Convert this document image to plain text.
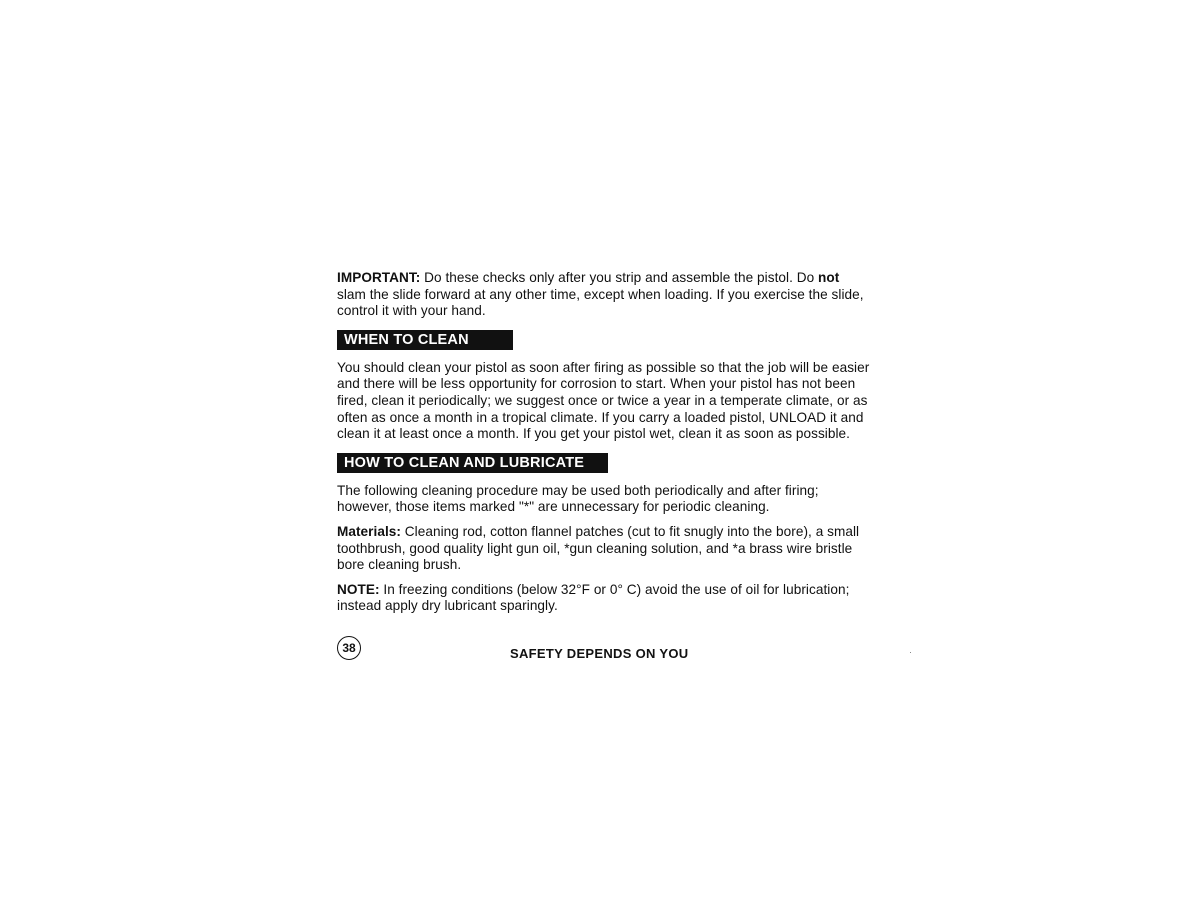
IMPORTANT: Do these checks only after you strip and assemble the pistol. Do not slam the slide forward at any other time, except when loading. If you exercise the slide, control it with your hand.

WHEN TO CLEAN

You should clean your pistol as soon after firing as possible so that the job will be easier and there will be less opportunity for corrosion to start. When your pistol has not been fired, clean it periodically; we suggest once or twice a year in a temperate climate, or as often as once a month in a tropical climate. If you carry a loaded pistol, UNLOAD it and clean it at least once a month. If you get your pistol wet, clean it as soon as possible.

HOW TO CLEAN AND LUBRICATE

The following cleaning procedure may be used both periodically and after firing; however, those items marked "*" are unnecessary for periodic cleaning.

Materials: Cleaning rod, cotton flannel patches (cut to fit snugly into the bore), a small toothbrush, good quality light gun oil, *gun cleaning solution, and *a brass wire bristle bore cleaning brush.

NOTE: In freezing conditions (below 32°F or 0° C) avoid the use of oil for lubrication; instead apply dry lubricant sparingly.

38	SAFETY DEPENDS ON YOU
